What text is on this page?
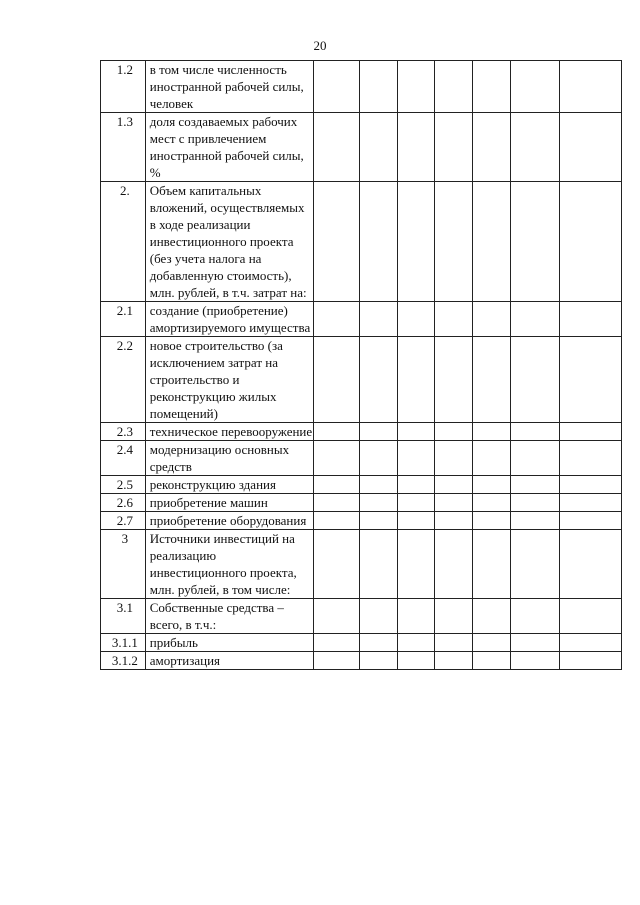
20
1.2	в том числе численность иностранной рабочей силы, человек							
1.3	доля создаваемых рабочих мест с привлечением иностранной рабочей силы, %							
2.	Объем капитальных вложений, осуществляемых в ходе реализации инвестиционного проекта (без учета налога на добавленную стоимость), млн. рублей, в т.ч. затрат на:							
2.1	создание (приобретение) амортизируемого имущества							
2.2	новое строительство (за исключением затрат на строительство и реконструкцию жилых помещений)							
2.3	техническое перевооружение							
2.4	модернизацию основных средств							
2.5	реконструкцию здания							
2.6	приобретение машин							
2.7	приобретение оборудования							
3	Источники инвестиций на реализацию инвестиционного проекта, млн. рублей, в том числе:							
3.1	Собственные средства – всего, в т.ч.:							
3.1.1	прибыль							
3.1.2	амортизация							
